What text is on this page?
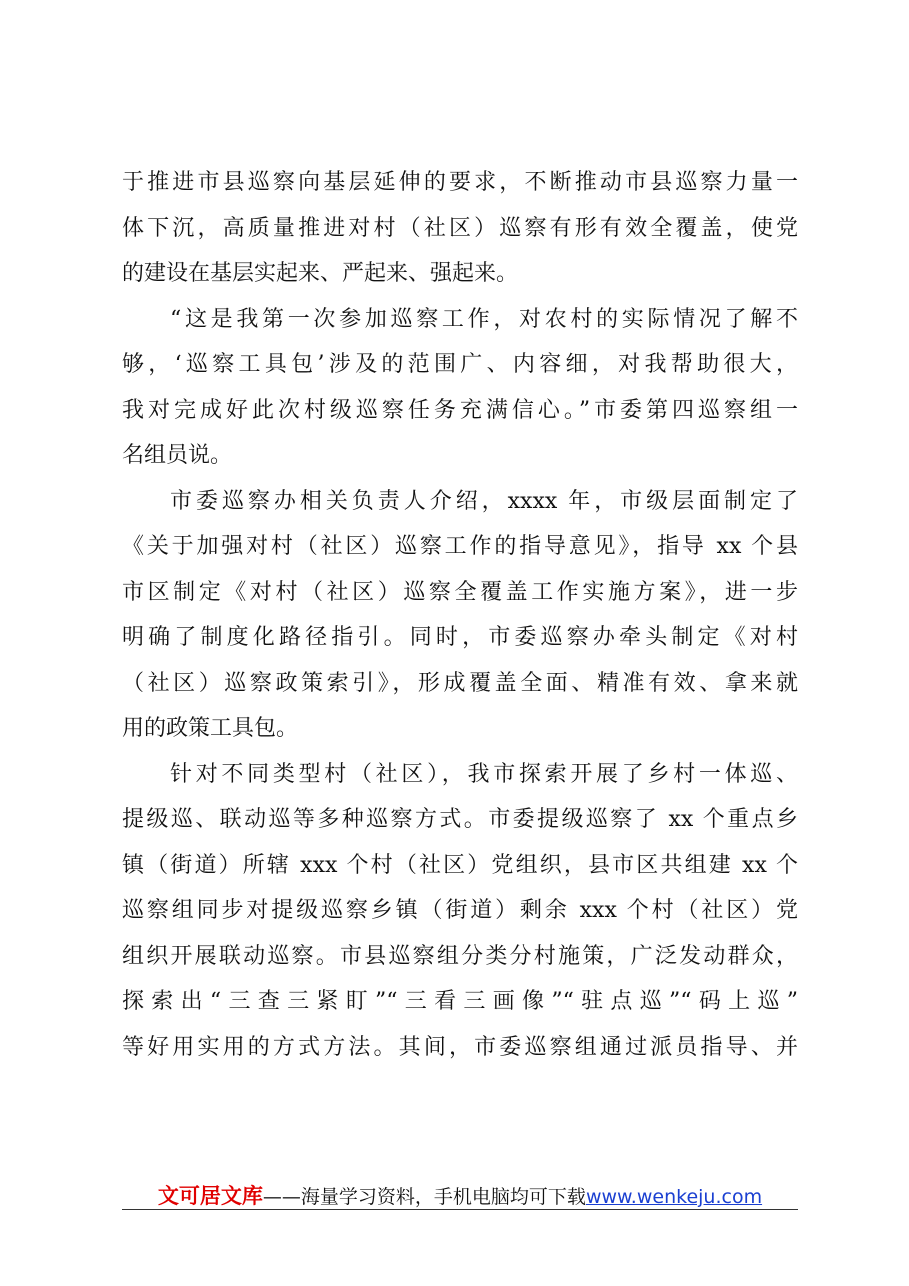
于推进市县巡察向基层延伸的要求，不断推动市县巡察力量一
体下沉，高质量推进对村（社区）巡察有形有效全覆盖，使党
的建设在基层实起来、严起来、强起来。
“这是我第一次参加巡察工作，对农村的实际情况了解不
够，‘巡察工具包’涉及的范围广、内容细，对我帮助很大，
我对完成好此次村级巡察任务充满信心。”市委第四巡察组一
名组员说。
市委巡察办相关负责人介绍，xxxx 年，市级层面制定了
《关于加强对村（社区）巡察工作的指导意见》，指导 xx 个县
市区制定《对村（社区）巡察全覆盖工作实施方案》，进一步
明确了制度化路径指引。同时，市委巡察办牵头制定《对村
（社区）巡察政策索引》，形成覆盖全面、精准有效、拿来就
用的政策工具包。
针对不同类型村（社区），我市探索开展了乡村一体巡、
提级巡、联动巡等多种巡察方式。市委提级巡察了 xx 个重点乡
镇（街道）所辖 xxx 个村（社区）党组织，县市区共组建 xx 个
巡察组同步对提级巡察乡镇（街道）剩余 xxx 个村（社区）党
组织开展联动巡察。市县巡察组分类分村施策，广泛发动群众，
探索出“三查三紧盯”“三看三画像”“驻点巡”“码上巡”
等好用实用的方式方法。其间，市委巡察组通过派员指导、并
文可居文库——海量学习资料，手机电脑均可下载www.wenkeju.com
